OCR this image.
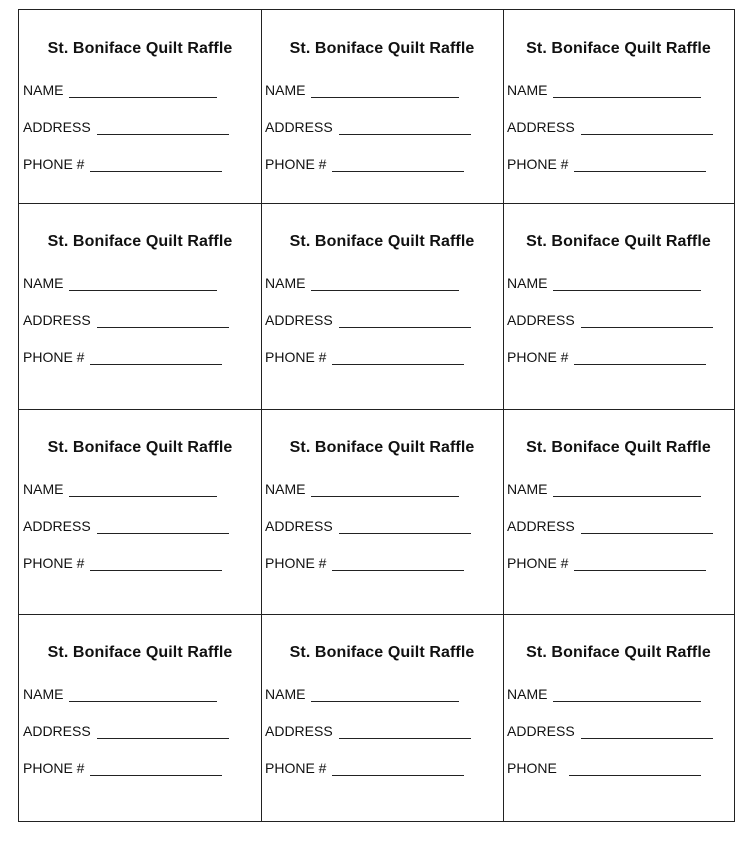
St. Boniface Quilt Raffle
NAME
ADDRESS
PHONE #
St. Boniface Quilt Raffle
NAME
ADDRESS
PHONE #
St. Boniface Quilt Raffle
NAME
ADDRESS
PHONE #
St. Boniface Quilt Raffle
NAME
ADDRESS
PHONE #
St. Boniface Quilt Raffle
NAME
ADDRESS
PHONE #
St. Boniface Quilt Raffle
NAME
ADDRESS
PHONE #
St. Boniface Quilt Raffle
NAME
ADDRESS
PHONE #
St. Boniface Quilt Raffle
NAME
ADDRESS
PHONE #
St. Boniface Quilt Raffle
NAME
ADDRESS
PHONE #
St. Boniface Quilt Raffle
NAME
ADDRESS
PHONE #
St. Boniface Quilt Raffle
NAME
ADDRESS
PHONE #
St. Boniface Quilt Raffle
NAME
ADDRESS
PHONE
